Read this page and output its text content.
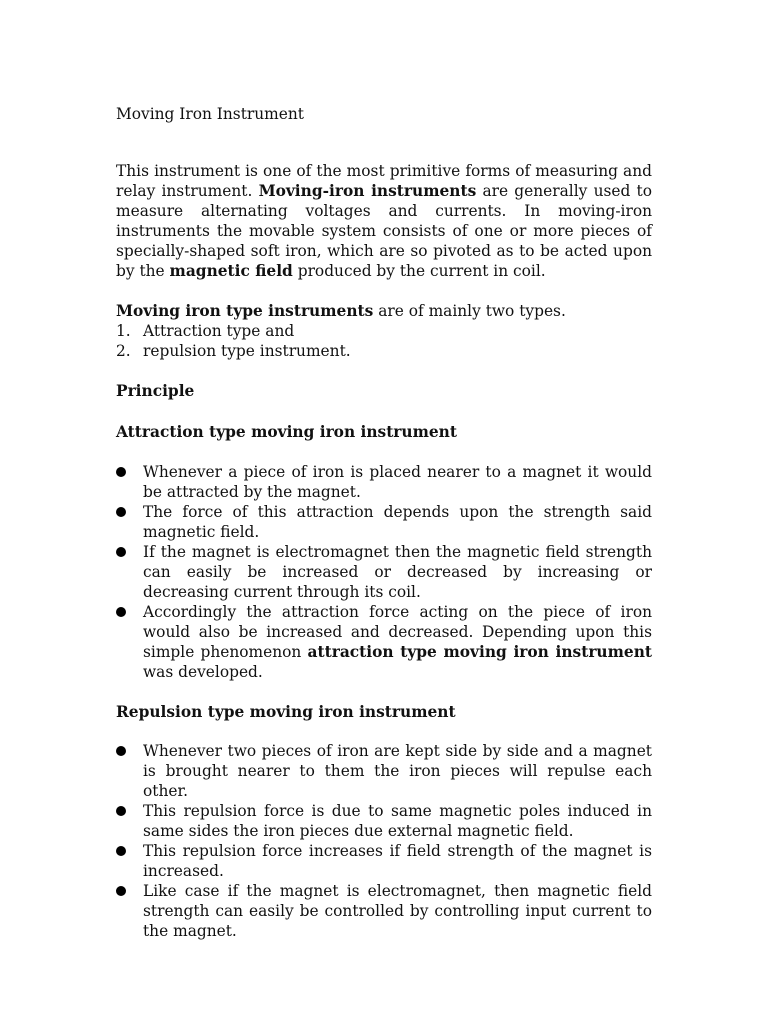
Moving Iron Instrument

This instrument is one of the most primitive forms of measuring and relay instrument. Moving-iron instruments are generally used to measure alternating voltages and currents. In moving-iron instruments the movable system consists of one or more pieces of specially-shaped soft iron, which are so pivoted as to be acted upon by the magnetic field produced by the current in coil.

Moving iron type instruments are of mainly two types.

1. Attraction type and
2. repulsion type instrument.

Principle

Attraction type moving iron instrument

Whenever a piece of iron is placed nearer to a magnet it would be attracted by the magnet.
The force of this attraction depends upon the strength said magnetic field.
If the magnet is electromagnet then the magnetic field strength can easily be increased or decreased by increasing or decreasing current through its coil.
Accordingly the attraction force acting on the piece of iron would also be increased and decreased. Depending upon this simple phenomenon attraction type moving iron instrument was developed.

Repulsion type moving iron instrument

Whenever two pieces of iron are kept side by side and a magnet is brought nearer to them the iron pieces will repulse each other.
This repulsion force is due to same magnetic poles induced in same sides the iron pieces due external magnetic field.
This repulsion force increases if field strength of the magnet is increased.
Like case if the magnet is electromagnet, then magnetic field strength can easily be controlled by controlling input current to the magnet.
